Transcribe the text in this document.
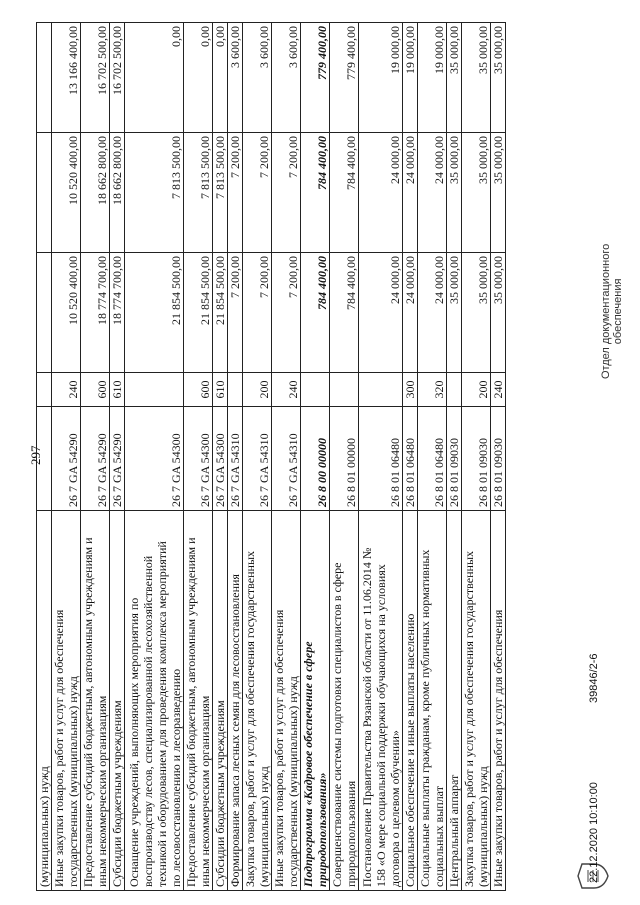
297
(муниципальных) нужд					
Иные закупки товаров, работ и услуг для обеспечения
государственных (муниципальных) нужд	26 7 GA 54290	240	10 520 400,00	10 520 400,00	13 166 400,00
Предоставление субсидий бюджетным, автономным учреждениям и
иным некоммерческим организациям	26 7 GA 54290	600	18 774 700,00	18 662 800,00	16 702 500,00
Субсидии бюджетным учреждениям	26 7 GA 54290	610	18 774 700,00	18 662 800,00	16 702 500,00
Оснащение учреждений, выполняющих мероприятия по
воспроизводству лесов, специализированной лесохозяйственной
техникой и оборудованием для проведения комплекса мероприятий
по лесовосстановлению и лесоразведению	26 7 GA 54300		21 854 500,00	7 813 500,00	0,00
Предоставление субсидий бюджетным, автономным учреждениям и
иным некоммерческим организациям	26 7 GA 54300	600	21 854 500,00	7 813 500,00	0,00
Субсидии бюджетным учреждениям	26 7 GA 54300	610	21 854 500,00	7 813 500,00	0,00
Формирование запаса лесных семян для лесовосстановления	26 7 GA 54310		7 200,00	7 200,00	3 600,00
Закупка товаров, работ и услуг для обеспечения государственных
(муниципальных) нужд	26 7 GA 54310	200	7 200,00	7 200,00	3 600,00
Иные закупки товаров, работ и услуг для обеспечения
государственных (муниципальных) нужд	26 7 GA 54310	240	7 200,00	7 200,00	3 600,00
Подпрограмма «Кадровое обеспечение в сфере
природопользования»	26 8 00 00000		784 400,00	784 400,00	779 400,00
Совершенствование системы подготовки специалистов в сфере
природопользования	26 8 01 00000		784 400,00	784 400,00	779 400,00
Постановление Правительства Рязанской области от 11.06.2014 №
158 «О мере социальной поддержки обучающихся на условиях
договора о целевом обучении»	26 8 01 06480		24 000,00	24 000,00	19 000,00
Социальное обеспечение и иные выплаты населению	26 8 01 06480	300	24 000,00	24 000,00	19 000,00
Социальные выплаты гражданам, кроме публичных нормативных
социальных выплат	26 8 01 06480	320	24 000,00	24 000,00	19 000,00
Центральный аппарат	26 8 01 09030		35 000,00	35 000,00	35 000,00
Закупка товаров, работ и услуг для обеспечения государственных
(муниципальных) нужд	26 8 01 09030	200	35 000,00	35 000,00	35 000,00
Иные закупки товаров, работ и услуг для обеспечения	26 8 01 09030	240	35 000,00	35 000,00	35 000,00
22.12.2020 10:10:00
39846/2-6
Отдел документационного
обеспечения
